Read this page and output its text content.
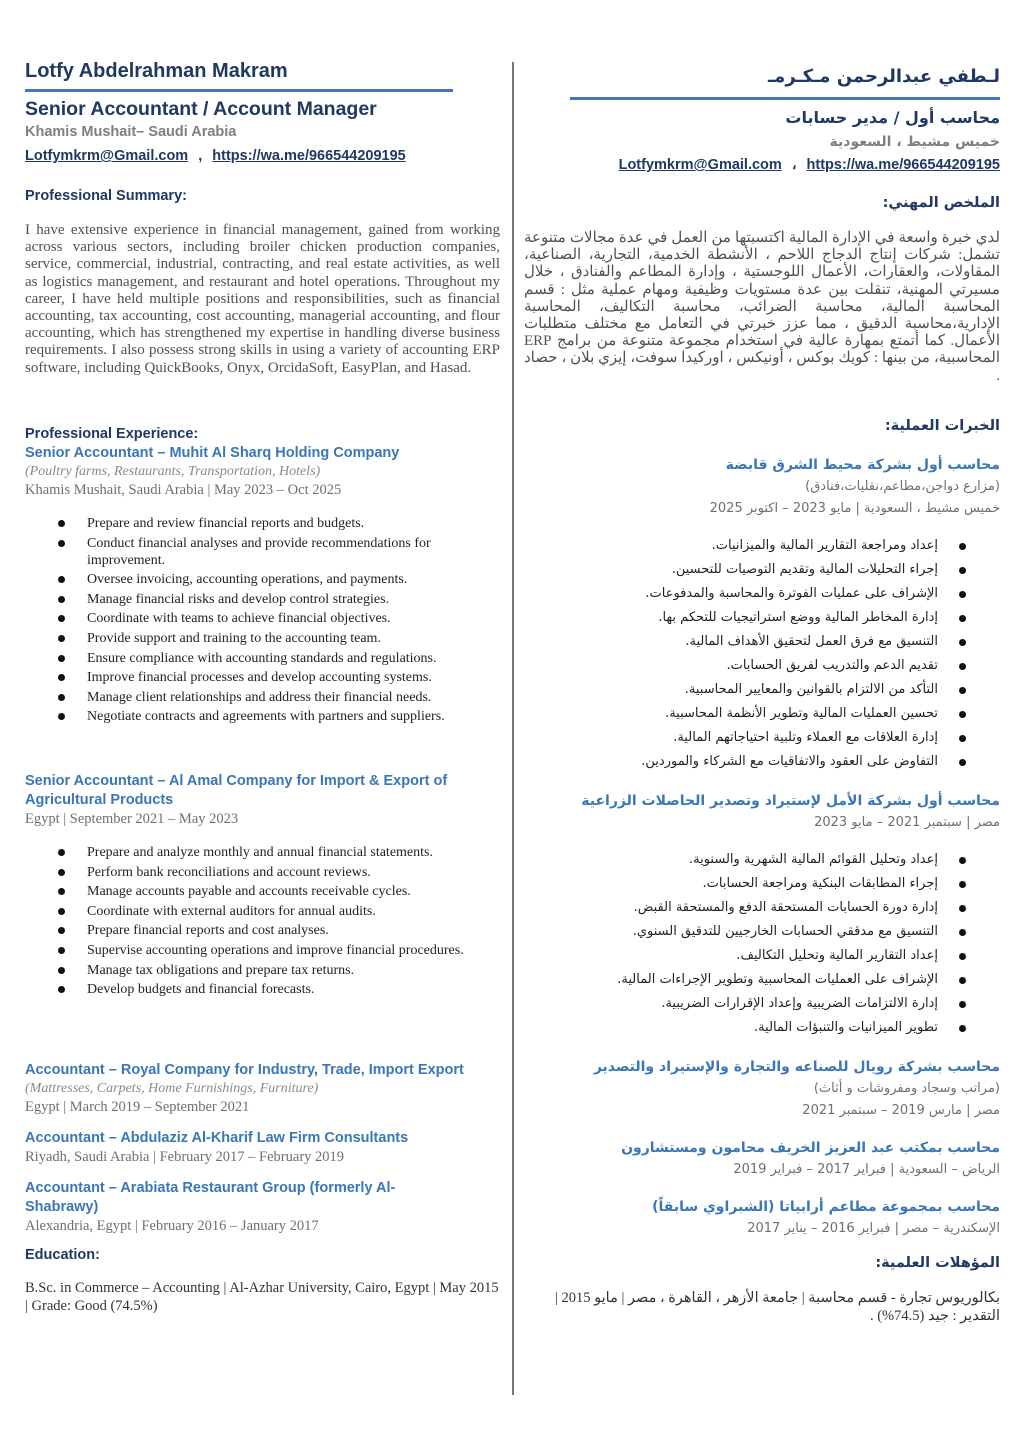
Lotfy Abdelrahman Makram
Senior Accountant / Account Manager
Khamis Mushait– Saudi Arabia
Lotfymkrm@Gmail.com , https://wa.me/966544209195
Professional Summary:
I have extensive experience in financial management, gained from working across various sectors, including broiler chicken production companies, service, commercial, industrial, contracting, and real estate activities, as well as logistics management, and restaurant and hotel operations. Throughout my career, I have held multiple positions and responsibilities, such as financial accounting, tax accounting, cost accounting, managerial accounting, and flour accounting, which has strengthened my expertise in handling diverse business requirements. I also possess strong skills in using a variety of accounting ERP software, including QuickBooks, Onyx, OrcidaSoft, EasyPlan, and Hasad.
Professional Experience:
Senior Accountant – Muhit Al Sharq Holding Company
(Poultry farms, Restaurants, Transportation, Hotels)
Khamis Mushait, Saudi Arabia | May 2023 – Oct 2025
Prepare and review financial reports and budgets.
Conduct financial analyses and provide recommendations for improvement.
Oversee invoicing, accounting operations, and payments.
Manage financial risks and develop control strategies.
Coordinate with teams to achieve financial objectives.
Provide support and training to the accounting team.
Ensure compliance with accounting standards and regulations.
Improve financial processes and develop accounting systems.
Manage client relationships and address their financial needs.
Negotiate contracts and agreements with partners and suppliers.
Senior Accountant – Al Amal Company for Import & Export of Agricultural Products
Egypt | September 2021 – May 2023
Prepare and analyze monthly and annual financial statements.
Perform bank reconciliations and account reviews.
Manage accounts payable and accounts receivable cycles.
Coordinate with external auditors for annual audits.
Prepare financial reports and cost analyses.
Supervise accounting operations and improve financial procedures.
Manage tax obligations and prepare tax returns.
Develop budgets and financial forecasts.
Accountant – Royal Company for Industry, Trade, Import Export
(Mattresses, Carpets, Home Furnishings, Furniture)
Egypt | March 2019 – September 2021
Accountant – Abdulaziz Al-Kharif Law Firm Consultants
Riyadh, Saudi Arabia | February 2017 – February 2019
Accountant – Arabiata Restaurant Group (formerly Al-Shabrawy)
Alexandria, Egypt | February 2016 – January 2017
Education:
B.Sc. in Commerce – Accounting | Al-Azhar University, Cairo, Egypt | May 2015 | Grade: Good (74.5%)
لـطفي عبدالرحمن مـكـرمـ
محاسب أول / مدير حسابات
خميس مشيط ، السعودية
Lotfymkrm@Gmail.com ، https://wa.me/966544209195
الملخص المهني:
لدي خبرة واسعة في الإدارة المالية اكتسبتها من العمل في عدة مجالات متنوعة تشمل: شركات إنتاج الدجاج اللاحم ، الأنشطة الخدمية، التجارية، الصناعية، المقاولات، والعقارات، الأعمال اللوجستية ، وإدارة المطاعم والفنادق ، خلال مسيرتي المهنية، تنقلت بين عدة مستويات وظيفية ومهام عملية مثل : قسم المحاسبة المالية، محاسبة الضرائب، محاسبة التكاليف، المحاسبة الإدارية،محاسبة الدقيق ، مما عزز خبرتي في التعامل مع مختلف متطلبات الأعمال. كما أتمتع بمهارة عالية في استخدام مجموعة متنوعة من برامج ERP المحاسبية، من بينها : كويك بوكس ، أونيكس ، اوركيدا سوفت، إيزي بلان ، حصاد .
الخبرات العملية:
محاسب أول بشركة محيط الشرق قابضة
(مزارع دواجن،مطاعم،نقليات،فنادق)
خميس مشيط ، السعودية | مايو 2023 – اكتوبر 2025
إعداد ومراجعة التقارير المالية والميزانيات.
إجراء التحليلات المالية وتقديم التوصيات للتحسين.
الإشراف على عمليات الفوترة والمحاسبة والمدفوعات.
إدارة المخاطر المالية ووضع استراتيجيات للتحكم بها.
التنسيق مع فرق العمل لتحقيق الأهداف المالية.
تقديم الدعم والتدريب لفريق الحسابات.
التأكد من الالتزام بالقوانين والمعايير المحاسبية.
تحسين العمليات المالية وتطوير الأنظمة المحاسبية.
إدارة العلاقات مع العملاء وتلبية احتياجاتهم المالية.
التفاوض على العقود والاتفاقيات مع الشركاء والموردين.
محاسب أول بشركة الأمل لإستيراد وتصدير الحاصلات الزراعية
مصر | سبتمبر 2021 – مايو 2023
إعداد وتحليل القوائم المالية الشهرية والسنوية.
إجراء المطابقات البنكية ومراجعة الحسابات.
إدارة دورة الحسابات المستحقة الدفع والمستحقة القبض.
التنسيق مع مدققي الحسابات الخارجيين للتدقيق السنوي.
إعداد التقارير المالية وتحليل التكاليف.
الإشراف على العمليات المحاسبية وتطوير الإجراءات المالية.
إدارة الالتزامات الضريبية وإعداد الإقرارات الضريبية.
تطوير الميزانيات والتنبؤات المالية.
محاسب بشركة رويال للصناعه والتجارة والإستيراد والتصدير
(مراتب وسجاد ومفروشات و أثاث)
مصر | مارس 2019 – سبتمبر 2021
محاسب بمكتب عبد العزيز الخريف محامون ومستشارون
الرياض – السعودية | فبراير 2017 – فبراير 2019
محاسب بمجموعة مطاعم أرابياتا (الشبراوي سابقاً)
الإسكندرية – مصر | فبراير 2016 – يناير 2017
المؤهلات العلمية:
بكالوريوس تجارة - قسم محاسبة | جامعة الأزهر ، القاهرة ، مصر | مايو 2015 | التقدير : جيد (74.5%) .
